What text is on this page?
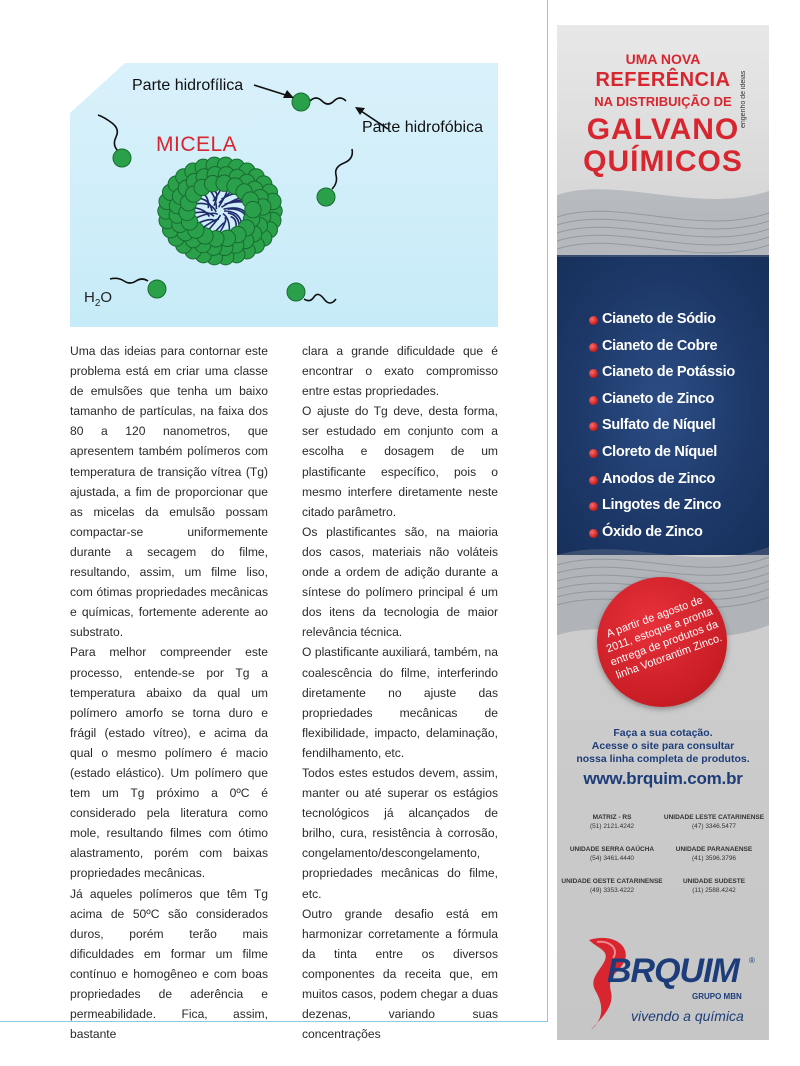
Parte hidrofílica
Parte hidrofóbica
MICELA
$H_2O$

Uma das ideias para contornar este problema está em criar uma classe de emulsões que tenha um baixo tamanho de partículas, na faixa dos 80 a 120 nanometros, que apresentem também polímeros com temperatura de transição vítrea (Tg) ajustada, a fim de proporcionar que as micelas da emulsão possam compactar-se uniformemente durante a secagem do filme, resultando, assim, um filme liso, com ótimas propriedades mecânicas e químicas, fortemente aderente ao substrato.

Para melhor compreender este processo, entende-se por Tg a temperatura abaixo da qual um polímero amorfo se torna duro e frágil (estado vítreo), e acima da qual o mesmo polímero é macio (estado elástico). Um polímero que tem um Tg próximo a 0ºC é considerado pela literatura como mole, resultando filmes com ótimo alastramento, porém com baixas propriedades mecânicas.

Já aqueles polímeros que têm Tg acima de 50ºC são considerados duros, porém terão mais dificuldades em formar um filme contínuo e homogêneo e com boas propriedades de aderência e permeabilidade. Fica, assim, bastante

clara a grande dificuldade que é encontrar o exato compromisso entre estas propriedades.

O ajuste do Tg deve, desta forma, ser estudado em conjunto com a escolha e dosagem de um plastificante específico, pois o mesmo interfere diretamente neste citado parâmetro.

Os plastificantes são, na maioria dos casos, materiais não voláteis onde a ordem de adição durante a síntese do polímero principal é um dos itens da tecnologia de maior relevância técnica.

O plastificante auxiliará, também, na coalescência do filme, interferindo diretamente no ajuste das propriedades mecânicas de flexibilidade, impacto, delaminação, fendilhamento, etc.

Todos estes estudos devem, assim, manter ou até superar os estágios tecnológicos já alcançados de brilho, cura, resistência à corrosão, congelamento/descongelamento, propriedades mecânicas do filme, etc.

Outro grande desafio está em harmonizar corretamente a fórmula da tinta entre os diversos componentes da receita que, em muitos casos, podem chegar a duas dezenas, variando suas concentrações

engenho de ideias
UMA NOVA
REFERÊNCIA
NA DISTRIBUIÇÃO DE
GALVANO
QUÍMICOS
Cianeto de Sódio
Cianeto de Cobre
Cianeto de Potássio
Cianeto de Zinco
Sulfato de Níquel
Cloreto de Níquel
Anodos de Zinco
Lingotes de Zinco
Óxido de Zinco
A partir de agosto de 2011, estoque a pronta entrega de produtos da linha Votorantim Zinco.
Faça a sua cotação.
Acesse o site para consultar
nossa linha completa de produtos.
www.brquim.com.br
MATRIZ - RS
(51) 2121.4242
UNIDADE LESTE CATARINENSE
(47) 3346.5477
UNIDADE SERRA GAÚCHA
(54) 3461.4440
UNIDADE PARANAENSE
(41) 3596.3796
UNIDADE OESTE CATARINENSE
(49) 3353.4222
UNIDADE SUDESTE
(11) 2588.4242
BRQUIM ®
GRUPO MBN
vivendo a química
